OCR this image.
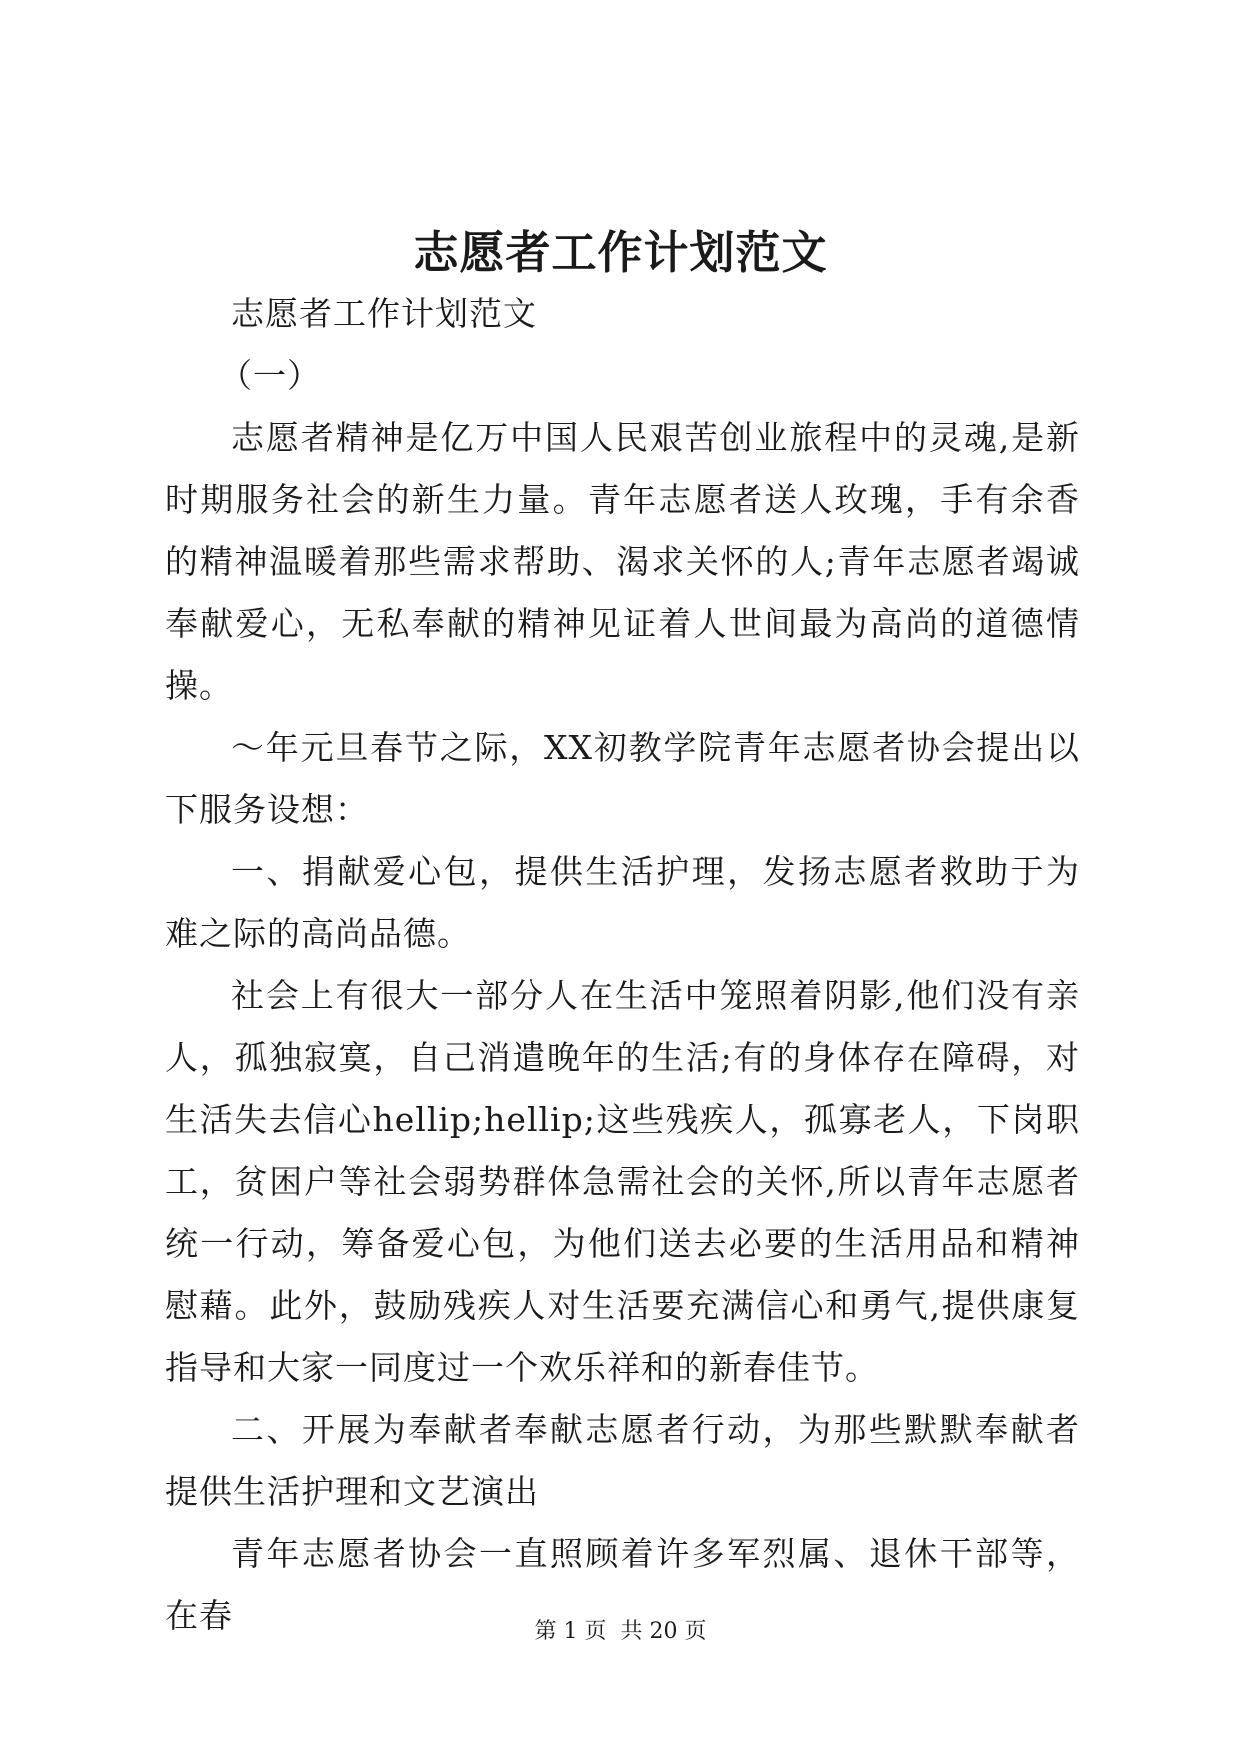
志愿者工作计划范文

志愿者工作计划范文

（一）

志愿者精神是亿万中国人民艰苦创业旅程中的灵魂,是新时期服务社会的新生力量。青年志愿者送人玫瑰，手有余香的精神温暖着那些需求帮助、渴求关怀的人;青年志愿者竭诚奉献爱心，无私奉献的精神见证着人世间最为高尚的道德情操。

～年元旦春节之际，XX初教学院青年志愿者协会提出以下服务设想：

一、捐献爱心包，提供生活护理，发扬志愿者救助于为难之际的高尚品德。

社会上有很大一部分人在生活中笼照着阴影,他们没有亲人，孤独寂寞，自己消遣晚年的生活;有的身体存在障碍，对生活失去信心hellip;hellip;这些残疾人，孤寡老人，下岗职工，贫困户等社会弱势群体急需社会的关怀,所以青年志愿者统一行动，筹备爱心包，为他们送去必要的生活用品和精神慰藉。此外，鼓励残疾人对生活要充满信心和勇气,提供康复指导和大家一同度过一个欢乐祥和的新春佳节。

二、开展为奉献者奉献志愿者行动，为那些默默奉献者提供生活护理和文艺演出

青年志愿者协会一直照顾着许多军烈属、退休干部等，在春	第 1 页  共 20 页
